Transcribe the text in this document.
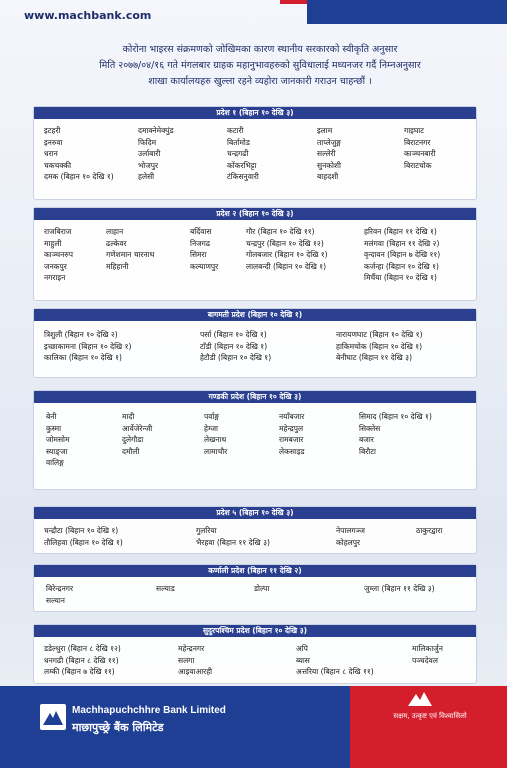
www.machbank.com
कोरोना भाइरस संक्रमणको जोखिमका कारण स्थानीय सरकारको स्वीकृति अनुसार
मिति २०७७/०४/१६ गते मंगलबार ग्राहक महानुभावहरुको सुविधालाई मध्यनजर गर्दै निम्नअनुसार
शाखा कार्यालयहरु खुल्ला रहने व्यहोरा जानकारी गराउन चाहन्छौं ।
प्रदेश १ (बिहान १० देखि ३)
इटहरी
इनरुवा
धरान
चकचक्की
दमक (बिहान १० देखि १)
दमाक्नेमेक्पुंड
फिदिम
उर्लाबारी
भोजपुर
हलेसी
कटारी
बिर्तामोड
चन्द्रगढी
कोंकरभिट्टा
टंकिसनुवारी
इलाम
ताप्लेजुङ्ग
सल्लेरी
सुनकोशी
बाहदशी
गाइघाट
बिराटनगर
काञ्चनबारी
बिराटचोक
प्रदेश २ (बिहान १० देखि ३)
राजबिराज
माहुली
काञ्चनरुप
जनकपुर
नगराइन
लाहान
ढल्केवर
गणेशमान चारनाथ
महिहानी
बर्दिवास
निजगढ
सिमरा
कल्याणपुर
गौर (बिहान १० देखि ११)
चन्द्रपुर (बिहान १० देखि १२)
गोलबजार (बिहान १० देखि १)
लालबन्दी (बिहान १० देखि १)
हरिवन (बिहान ११ देखि १)
मलंगवा (बिहान ११ देखि २)
वृन्दावन (बिहान ७ देखि ११)
कर्जन्हा (बिहान १० देखि १)
मिर्चैया (बिहान १० देखि १)
बागमती प्रदेश (बिहान १० देखि १)
त्रिशुली (बिहान १० देखि २)
इच्छाकामना (बिहान १० देखि १)
कालिका (बिहान १० देखि १)
पर्सा (बिहान १० देखि १)
टाँडी (बिहान १० देखि १)
हेटौडी (बिहान १० देखि १)
नारायणघाट (बिहान १० देखि १)
हाकिमचोक (बिहान १० देखि १)
बेनीघाट (बिहान ११ देखि ३)
गण्डकी प्रदेश (बिहान १० देखि ३)
बेनी
कुस्मा
जोमसोम
स्याङ्जा
वालिङ्ग
मादी
आर्वेजेरेन्जी
दुलेगौडा
दमौली
पर्वाङ्ग
हेम्जा
लेखनाथ
लामाचौर
नयाँबजार
महेन्द्रपुल
रामबजार
लेकसाइड
सिमाद (बिहान १० देखि १)
सिक्लेस
बजार
बिरौटा
प्रदेश ५ (बिहान १० देखि ३)
चन्द्रौटा (बिहान १० देखि १)
तौलिहवा (बिहान १० देखि १)
गुलरिया
भैरहवा (बिहान ११ देखि ३)
नेपालगञ्ज
कोहलपुर
ठाकुरद्वारा
कर्णाली प्रदेश (बिहान ११ देखि २)
बिरेन्द्रनगर
सल्यान
सल्याड	डोल्पा	जुम्ला (बिहान ११ देखि ३)
सुदुरपश्चिम प्रदेश (बिहान १० देखि ३)
डडेल्धुरा (बिहान ८ देखि १२)
धनगढी (बिहान ८ देखि ११)
लम्की (बिहान ७ देखि ११)
महेन्द्रनगर
सलगा
आइवाआरही
अपि
ब्यास
अत्तरिया (बिहान ८ देखि ११)
मालिकार्जुन
पञ्चदेवल
Machhapuchchhre Bank Limited
माछापुच्छ्रे बैंक लिमिटेड
सक्षम, उत्कृष्ट एवं विश्वासिलो
